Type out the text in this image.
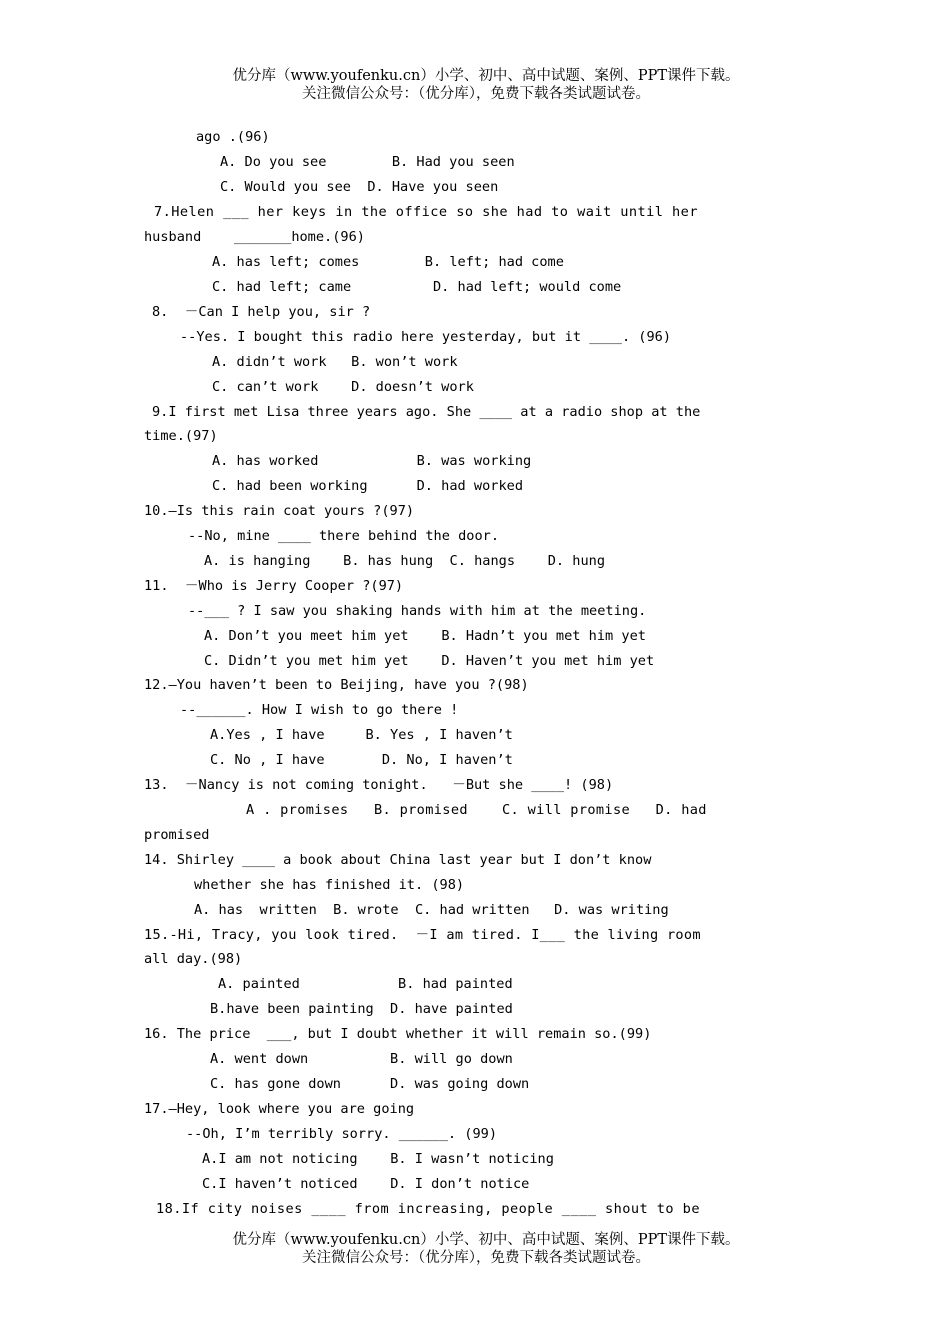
优分库（www.youfenku.cn）小学、初中、高中试题、案例、PPT课件下载。
关注微信公众号：（优分库），免费下载各类试题试卷。
ago .(96)
A. Do you see        B. Had you seen
C. Would you see  D. Have you seen
7.Helen ___ her keys in the office so she had to wait until her
husband    _______home.(96)
A. has left; comes        B. left; had come
C. had left; came          D. had left; would come
8.  －Can I help you, sir ?
--Yes. I bought this radio here yesterday, but it ____. (96)
A. didn’t work   B. won’t work
C. can’t work    D. doesn’t work
9.I first met Lisa three years ago. She ____ at a radio shop at the
time.(97)
A. has worked            B. was working
C. had been working      D. had worked
10.—Is this rain coat yours ?(97)
--No, mine ____ there behind the door.
A. is hanging    B. has hung  C. hangs    D. hung
11.  －Who is Jerry Cooper ?(97)
--___ ? I saw you shaking hands with him at the meeting.
A. Don’t you meet him yet    B. Hadn’t you met him yet
C. Didn’t you met him yet    D. Haven’t you met him yet
12.—You haven’t been to Beijing, have you ?(98)
--______. How I wish to go there !
A.Yes , I have     B. Yes , I haven’t
C. No , I have       D. No, I haven’t
13.  －Nancy is not coming tonight.   －But she ____! (98)
A . promises   B. promised    C. will promise   D. had
promised
14. Shirley ____ a book about China last year but I don’t know
whether she has finished it. (98)
A. has  written  B. wrote  C. had written   D. was writing
15.-Hi, Tracy, you look tired.  －I am tired. I___ the living room
all day.(98)
A. painted            B. had painted
B.have been painting  D. have painted
16. The price  ___, but I doubt whether it will remain so.(99)
A. went down          B. will go down
C. has gone down      D. was going down
17.—Hey, look where you are going
--Oh, I’m terribly sorry. ______. (99)
A.I am not noticing    B. I wasn’t noticing
C.I haven’t noticed    D. I don’t notice
18.If city noises ____ from increasing, people ____ shout to be
优分库（www.youfenku.cn）小学、初中、高中试题、案例、PPT课件下载。
关注微信公众号：（优分库），免费下载各类试题试卷。
